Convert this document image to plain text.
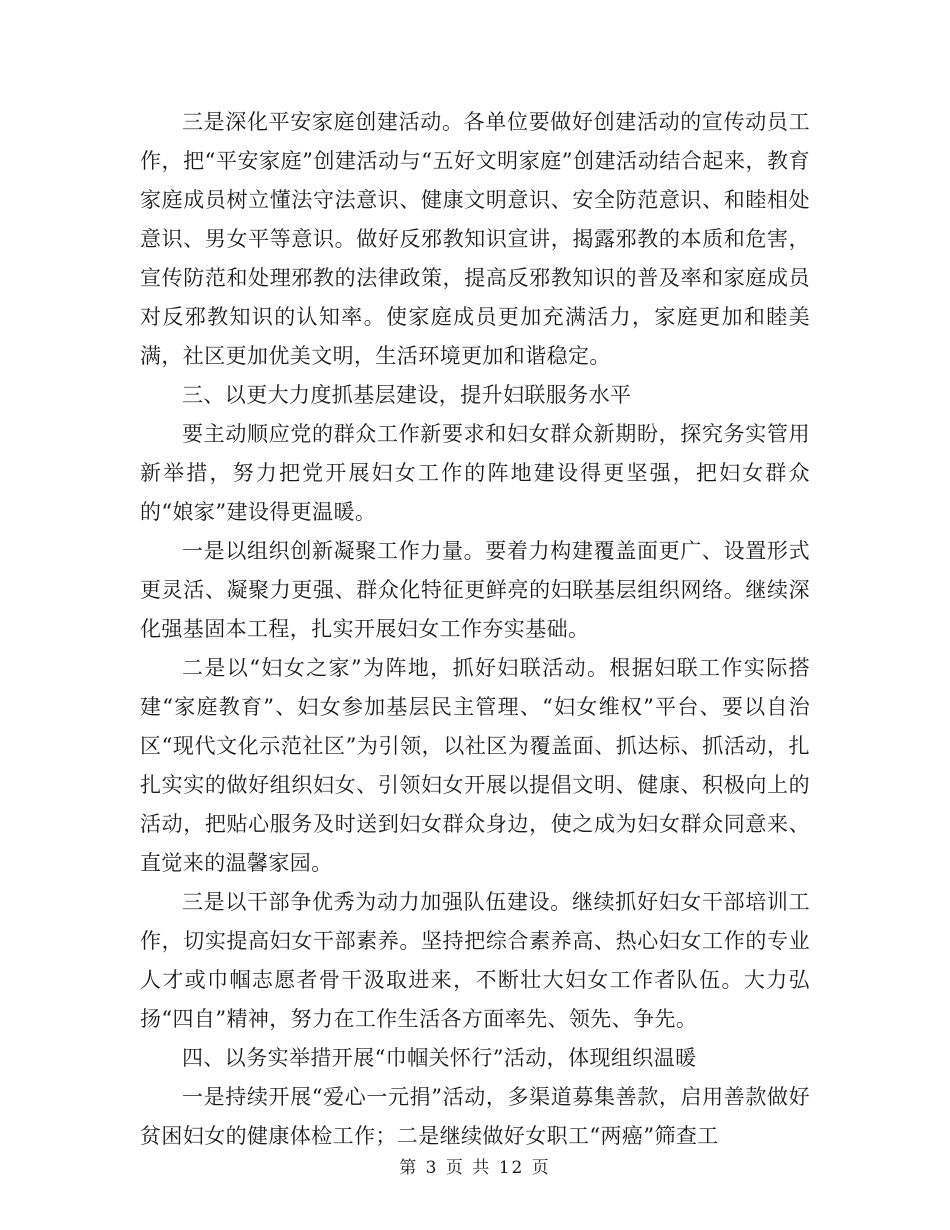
三是深化平安家庭创建活动。各单位要做好创建活动的宣传动员工作，把“平安家庭”创建活动与“五好文明家庭”创建活动结合起来，教育家庭成员树立懂法守法意识、健康文明意识、安全防范意识、和睦相处意识、男女平等意识。做好反邪教知识宣讲，揭露邪教的本质和危害，宣传防范和处理邪教的法律政策，提高反邪教知识的普及率和家庭成员对反邪教知识的认知率。使家庭成员更加充满活力，家庭更加和睦美满，社区更加优美文明，生活环境更加和谐稳定。

三、以更大力度抓基层建设，提升妇联服务水平

要主动顺应党的群众工作新要求和妇女群众新期盼，探究务实管用新举措，努力把党开展妇女工作的阵地建设得更坚强，把妇女群众的“娘家”建设得更温暖。

一是以组织创新凝聚工作力量。要着力构建覆盖面更广、设置形式更灵活、凝聚力更强、群众化特征更鲜亮的妇联基层组织网络。继续深化强基固本工程，扎实开展妇女工作夯实基础。

二是以“妇女之家”为阵地，抓好妇联活动。根据妇联工作实际搭建“家庭教育”、妇女参加基层民主管理、“妇女维权”平台、要以自治区“现代文化示范社区”为引领，以社区为覆盖面、抓达标、抓活动，扎扎实实的做好组织妇女、引领妇女开展以提倡文明、健康、积极向上的活动，把贴心服务及时送到妇女群众身边，使之成为妇女群众同意来、直觉来的温馨家园。

三是以干部争优秀为动力加强队伍建设。继续抓好妇女干部培训工作，切实提高妇女干部素养。坚持把综合素养高、热心妇女工作的专业人才或巾帼志愿者骨干汲取进来，不断壮大妇女工作者队伍。大力弘扬“四自”精神，努力在工作生活各方面率先、领先、争先。

四、以务实举措开展“巾帼关怀行”活动，体现组织温暖

一是持续开展“爱心一元捐”活动，多渠道募集善款，启用善款做好贫困妇女的健康体检工作；二是继续做好女职工“两癌”筛查工

第 3 页 共 12 页
